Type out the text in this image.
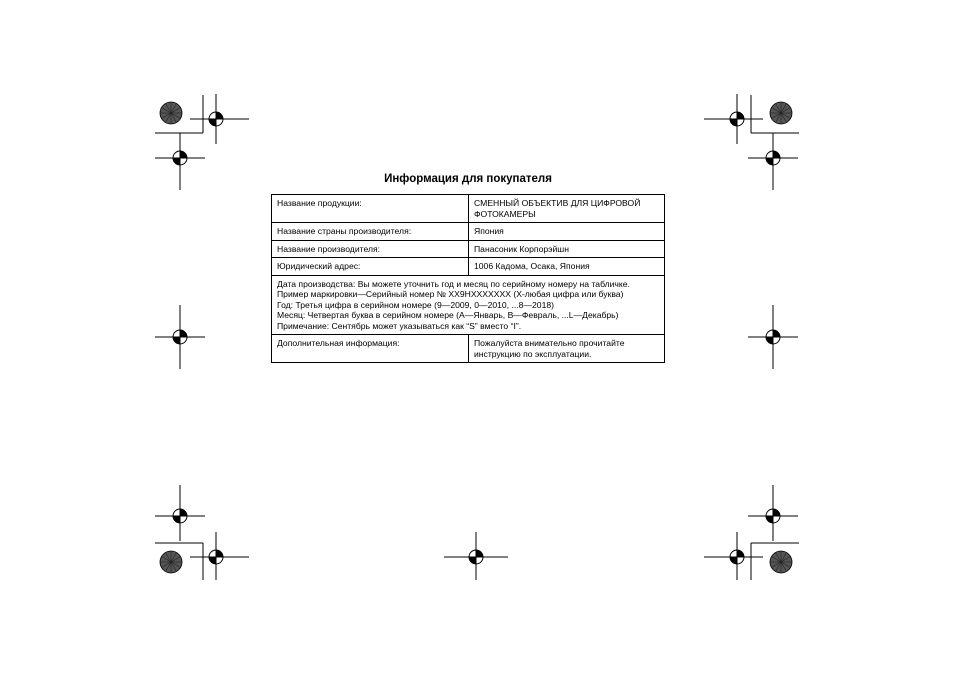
Информация для покупателя
Название продукции:	СМЕННЫЙ ОБЪЕКТИВ ДЛЯ ЦИФРОВОЙ ФОТОКАМЕРЫ
Название страны производителя:	Япония
Название производителя:	Панасоник Корпорэйшн
Юридический адрес:	1006 Кадома, Осака, Япония

Дата производства: Вы можете уточнить год и месяц по серийному номеру на табличке.
Пример маркировки—Серийный номер № XX9HXXXXXXX (X-любая цифра или буква)
Год: Третья цифра в серийном номере (9—2009, 0—2010, ...8—2018)
Месяц: Четвертая буква в серийном номере (A—Январь, B—Февраль, ...L—Декабрь)
Примечание: Сентябрь может указываться как “S” вместо “I”.	

Дополнительная информация:	Пожалуйста внимательно прочитайте инструкцию по эксплуатации.
